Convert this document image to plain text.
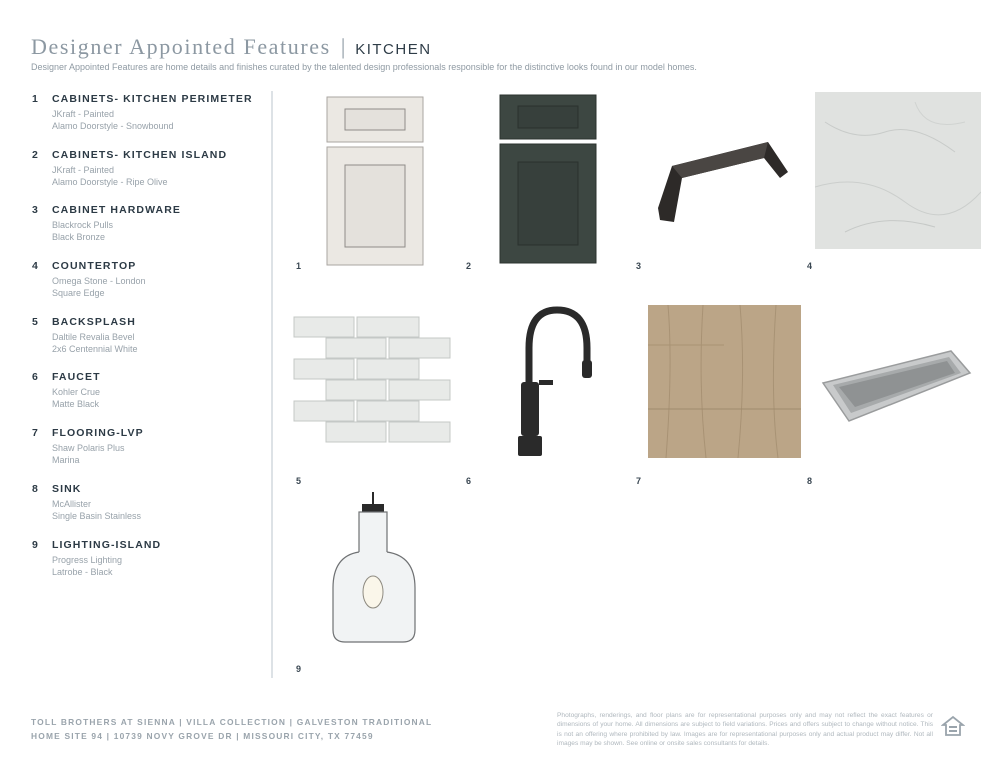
Designer Appointed Features | KITCHEN
Designer Appointed Features are home details and finishes curated by the talented design professionals responsible for the distinctive looks found in our model homes.
1	CABINETS- KITCHEN PERIMETER
JKraft - Painted
Alamo Doorstyle - Snowbound
2	CABINETS- KITCHEN ISLAND
JKraft - Painted
Alamo Doorstyle - Ripe Olive
3	CABINET HARDWARE
Blackrock Pulls
Black Bronze
4	COUNTERTOP
Omega Stone - London
Square Edge
5	BACKSPLASH
Daltile Revalia Bevel
2x6 Centennial White
6	FAUCET
Kohler Crue
Matte Black
7	FLOORING-LVP
Shaw Polaris Plus
Marina
8	SINK
McAllister
Single Basin Stainless
9	LIGHTING-ISLAND
Progress Lighting
Latrobe - Black
1	2	3	4
5	6	7	8
9
TOLL BROTHERS AT SIENNA | VILLA COLLECTION | GALVESTON TRADITIONAL
HOME SITE 94 | 10739 NOVY GROVE DR | MISSOURI CITY, TX 77459
Photographs, renderings, and floor plans are for representational purposes only and may not reflect the exact features or dimensions of your home. All dimensions are subject to field variations. Prices and offers subject to change without notice. This is not an offering where prohibited by law. Images are for representational purposes only and actual product may differ. Not all images may be shown. See online or onsite sales consultants for details.
